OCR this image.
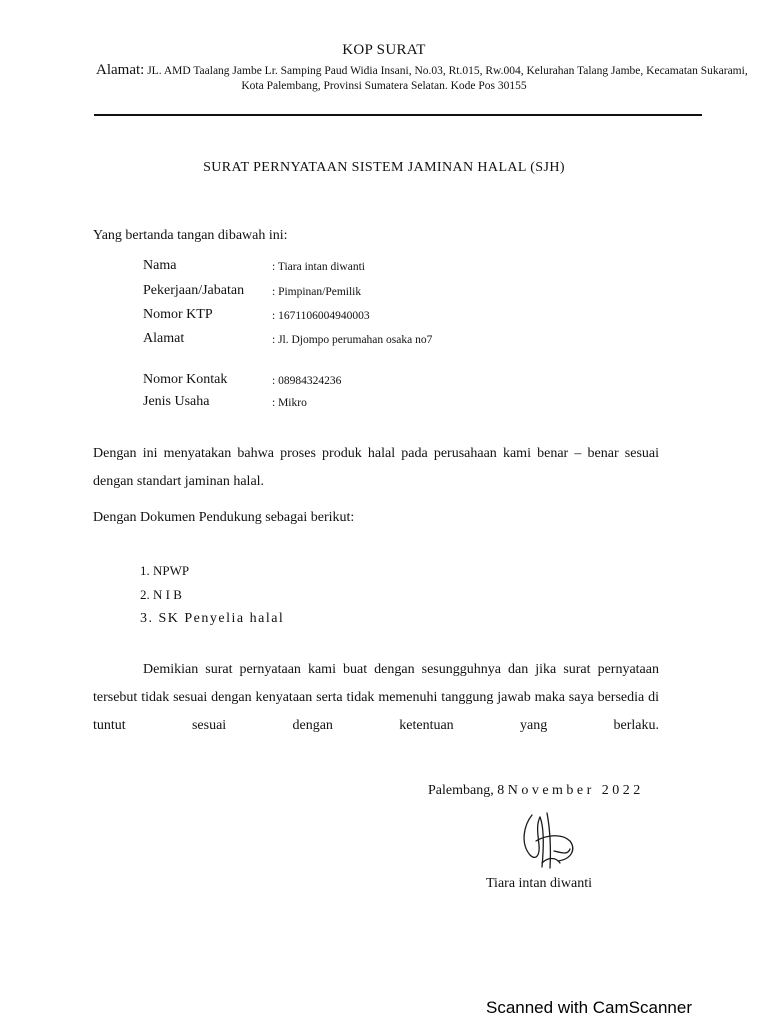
KOP SURAT
Alamat: JL. AMD Taalang Jambe Lr. Samping Paud Widia Insani, No.03, Rt.015, Rw.004, Kelurahan Talang Jambe, Kecamatan Sukarami,
Kota Palembang, Provinsi Sumatera Selatan. Kode Pos 30155
SURAT PERNYATAAN SISTEM JAMINAN HALAL (SJH)
Yang bertanda tangan dibawah ini:
Nama	: Tiara intan diwanti
Pekerjaan/Jabatan : Pimpinan/Pemilik
Nomor KTP	: 1671106004940003
Alamat	: Jl. Djompo perumahan osaka no7
Nomor Kontak	: 08984324236
Jenis Usaha	: Mikro
Dengan ini menyatakan bahwa proses produk halal pada perusahaan kami benar – benar sesuai dengan standart jaminan halal.
Dengan Dokumen Pendukung sebagai berikut:
1. NPWP
2. N I B
3. SK Penyelia halal
Demikian surat pernyataan kami buat dengan sesungguhnya dan jika surat pernyataan tersebut tidak sesuai dengan kenyataan serta tidak memenuhi tanggung jawab maka saya bersedia di tuntut sesuai dengan ketentuan yang berlaku.
Palembang, 8 November 2022
Tiara intan diwanti
Scanned with CamScanner
